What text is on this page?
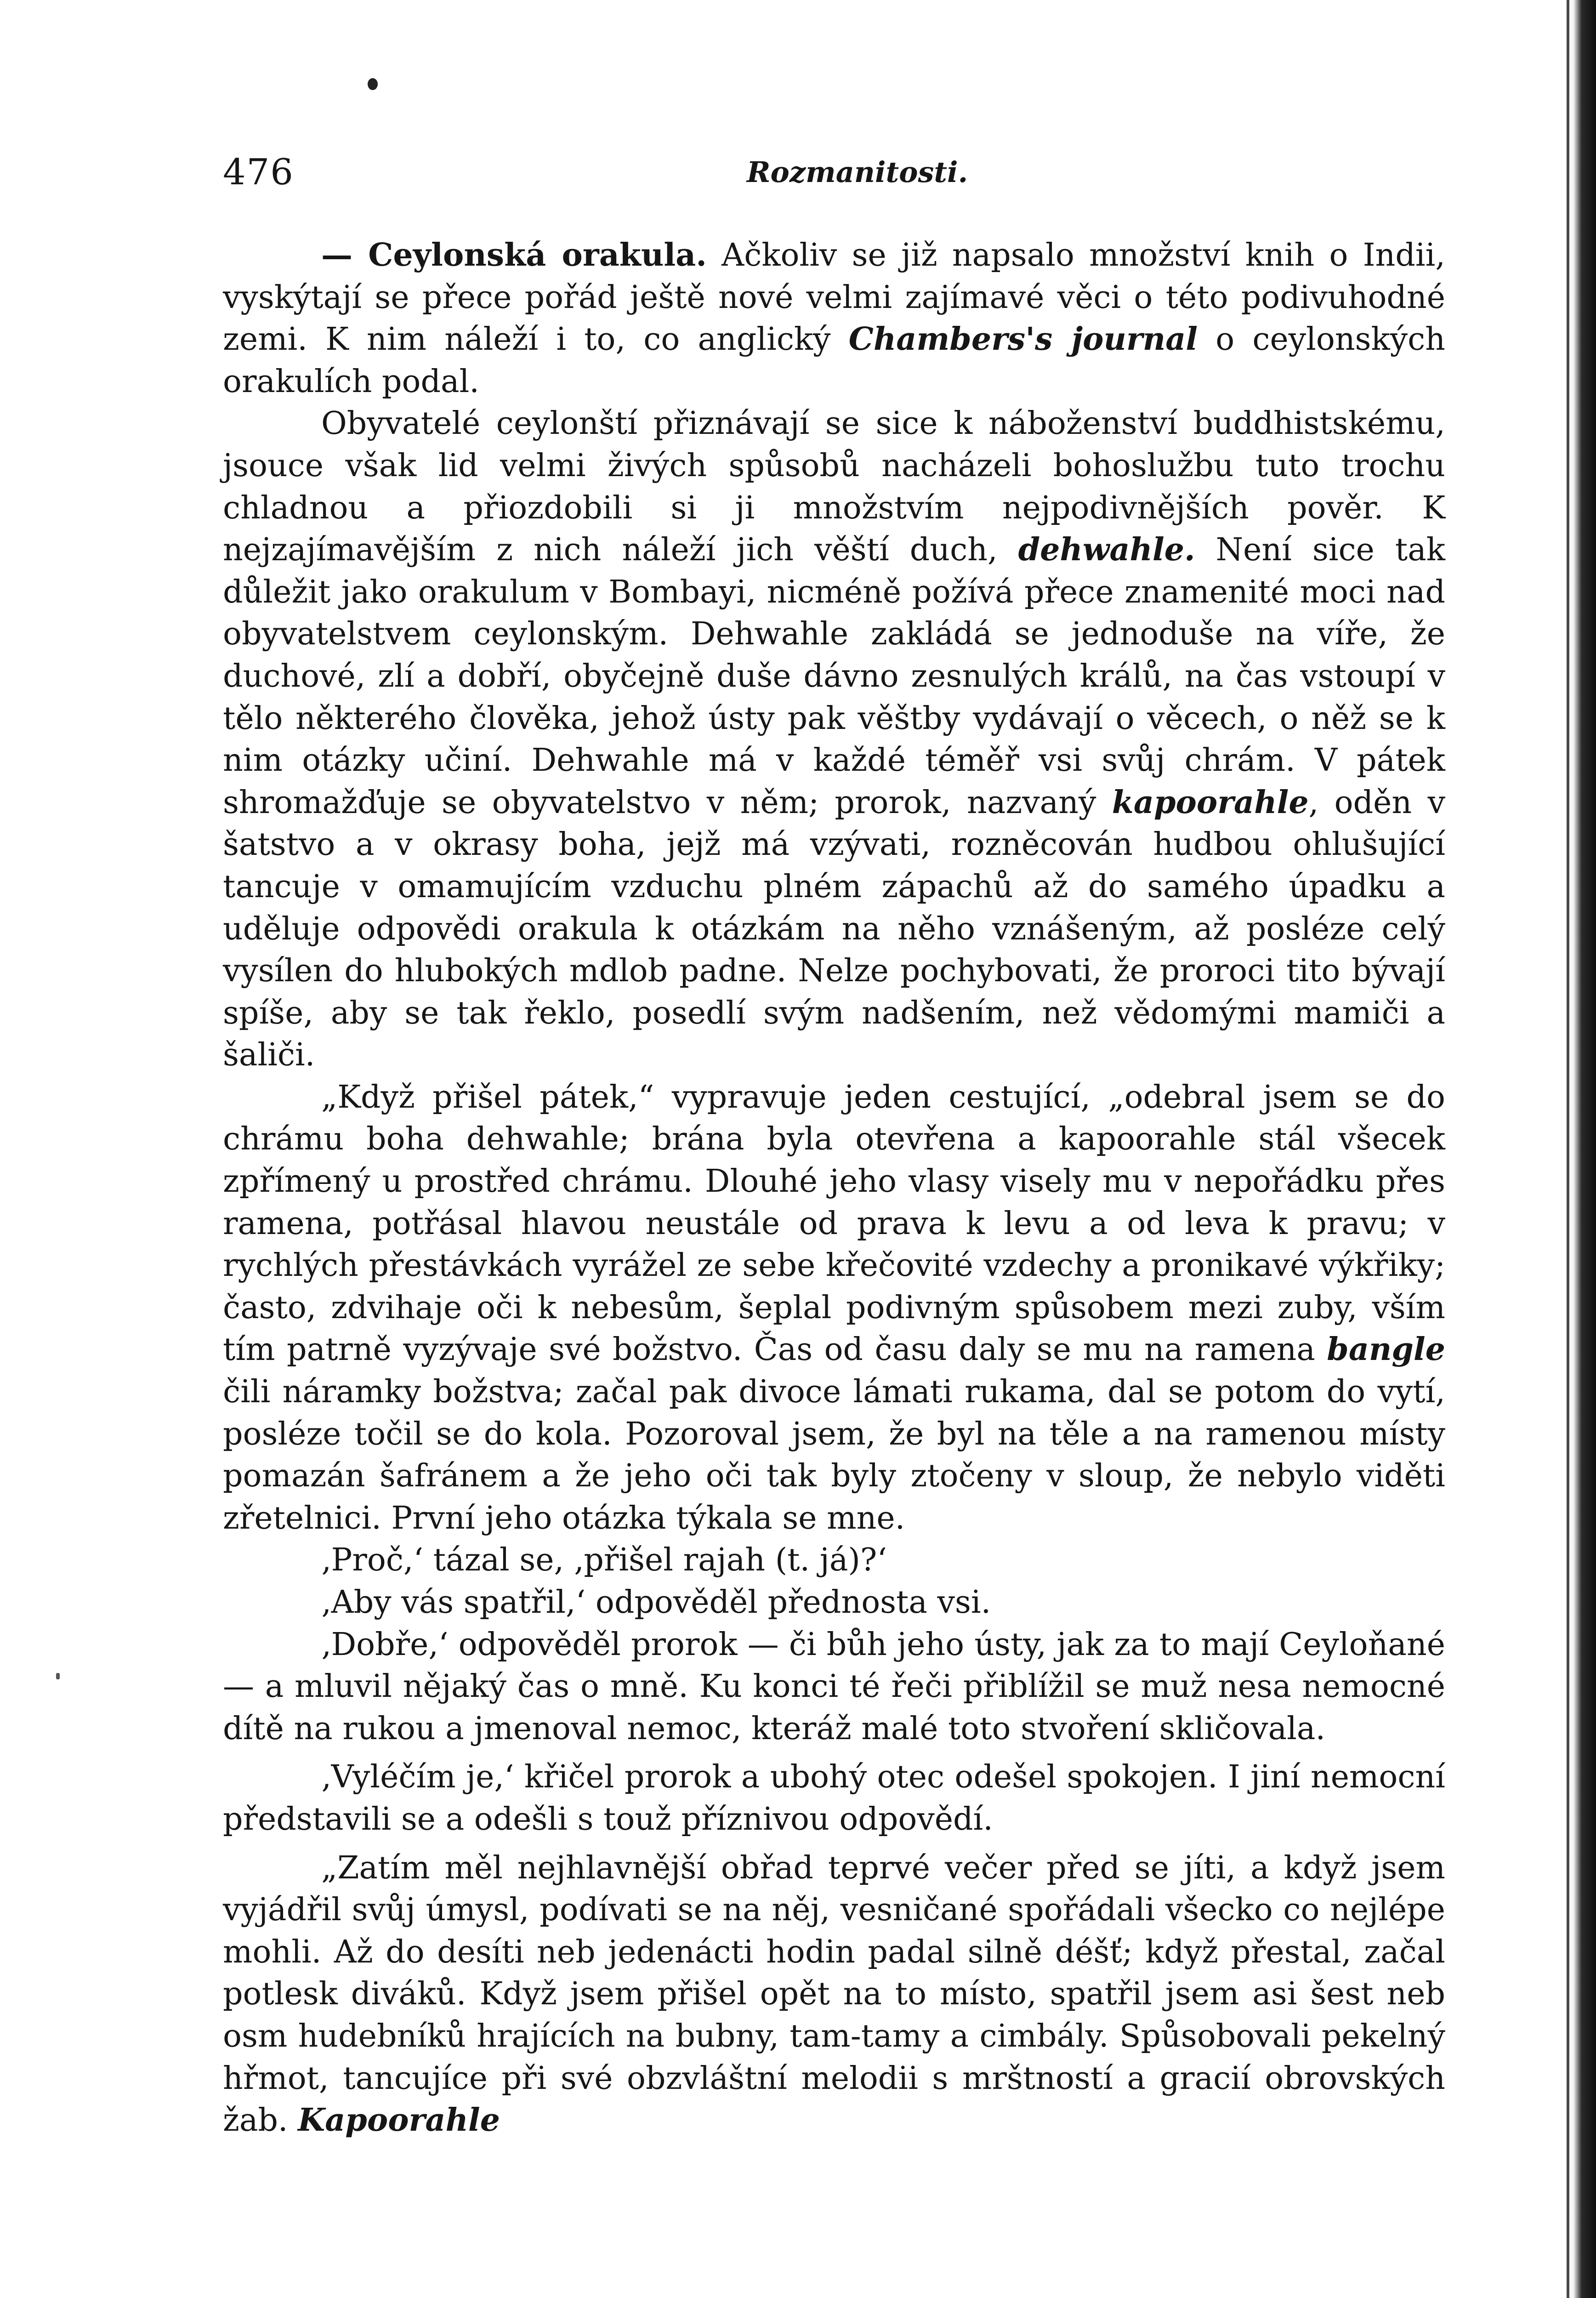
476	Rozmanitosti.

— Ceylonská orakula. Ačkoliv se již napsalo množství knih o Indii, vyskýtají se přece pořád ještě nové velmi zajímavé věci o této podivuhodné zemi. K nim náleží i to, co anglický Chambers's journal o ceylonských orakulích podal.

Obyvatelé ceylonští přiznávají se sice k náboženství buddhistskému, jsouce však lid velmi živých spůsobů nacházeli bohoslužbu tuto trochu chladnou a přiozdobili si ji množstvím nejpodivnějších pověr. K nejzajímavějším z nich náleží jich věští duch, dehwahle. Není sice tak důležit jako orakulum v Bombayi, nicméně požívá přece znamenité moci nad obyvatelstvem ceylonským. Dehwahle zakládá se jednoduše na víře, že duchové, zlí a dobří, obyčejně duše dávno zesnulých králů, na čas vstoupí v tělo některého člověka, jehož ústy pak věštby vydávají o věcech, o něž se k nim otázky učiní. Dehwahle má v každé téměř vsi svůj chrám. V pátek shromažďuje se obyvatelstvo v něm; prorok, nazvaný kapoorahle, oděn v šatstvo a v okrasy boha, jejž má vzývati, rozněcován hudbou ohlušující tancuje v omamujícím vzduchu plném zápachů až do samého úpadku a uděluje odpovědi orakula k otázkám na něho vznášeným, až posléze celý vysílen do hlubokých mdlob padne. Nelze pochybovati, že proroci tito bývají spíše, aby se tak řeklo, posedlí svým nadšením, než vědomými mamiči a šaliči.

„Když přišel pátek,“ vypravuje jeden cestující, „odebral jsem se do chrámu boha dehwahle; brána byla otevřena a kapoorahle stál všecek zpřímený u prostřed chrámu. Dlouhé jeho vlasy visely mu v nepořádku přes ramena, potřásal hlavou neustále od prava k levu a od leva k pravu; v rychlých přestávkách vyrážel ze sebe křečovité vzdechy a pronikavé výkřiky; často, zdvihaje oči k nebesům, šeplal podivným spůsobem mezi zuby, vším tím patrně vyzývaje své božstvo. Čas od času daly se mu na ramena bangle čili náramky božstva; začal pak divoce lámati rukama, dal se potom do vytí, posléze točil se do kola. Pozoroval jsem, že byl na těle a na ramenou místy pomazán šafránem a že jeho oči tak byly ztočeny v sloup, že nebylo viděti zřetelnici. První jeho otázka týkala se mne.

‚Proč,‘ tázal se, ‚přišel rajah (t. já)?‘

‚Aby vás spatřil,‘ odpověděl přednosta vsi.

‚Dobře,‘ odpověděl prorok — či bůh jeho ústy, jak za to mají Ceyloňané — a mluvil nějaký čas o mně. Ku konci té řeči přiblížil se muž nesa nemocné dítě na rukou a jmenoval nemoc, kteráž malé toto stvoření skličovala.

‚Vyléčím je,‘ křičel prorok a ubohý otec odešel spokojen. I jiní nemocní představili se a odešli s touž příznivou odpovědí.

„Zatím měl nejhlavnější obřad teprvé večer před se jíti, a když jsem vyjádřil svůj úmysl, podívati se na něj, vesničané spořádali všecko co nejlépe mohli. Až do desíti neb jedenácti hodin padal silně déšť; když přestal, začal potlesk diváků. Když jsem přišel opět na to místo, spatřil jsem asi šest neb osm hudebníků hrajících na bubny, tam-tamy a cimbály. Spůsobovali pekelný hřmot, tancujíce při své obzvláštní melodii s mrštností a gracií obrovských žab. Kapoorahle
